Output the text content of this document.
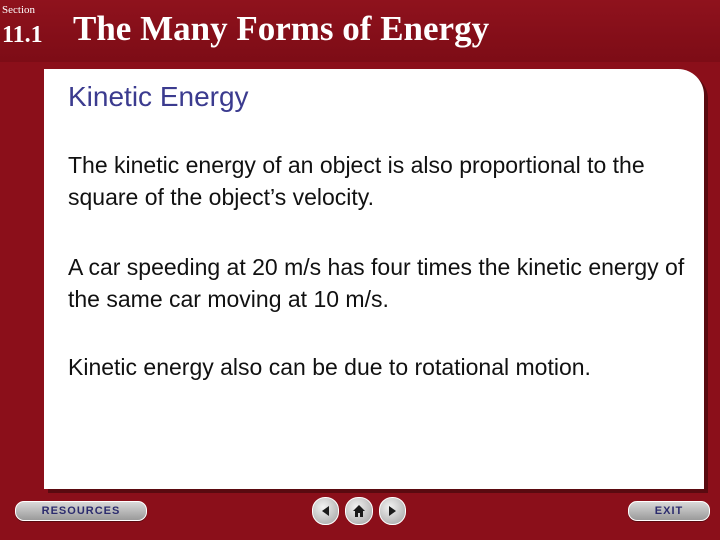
Section
11.1 The Many Forms of Energy
Kinetic Energy
The kinetic energy of an object is also proportional to the square of the object’s velocity.
A car speeding at 20 m/s has four times the kinetic energy of the same car moving at 10 m/s.
Kinetic energy also can be due to rotational motion.
RESOURCES	EXIT
